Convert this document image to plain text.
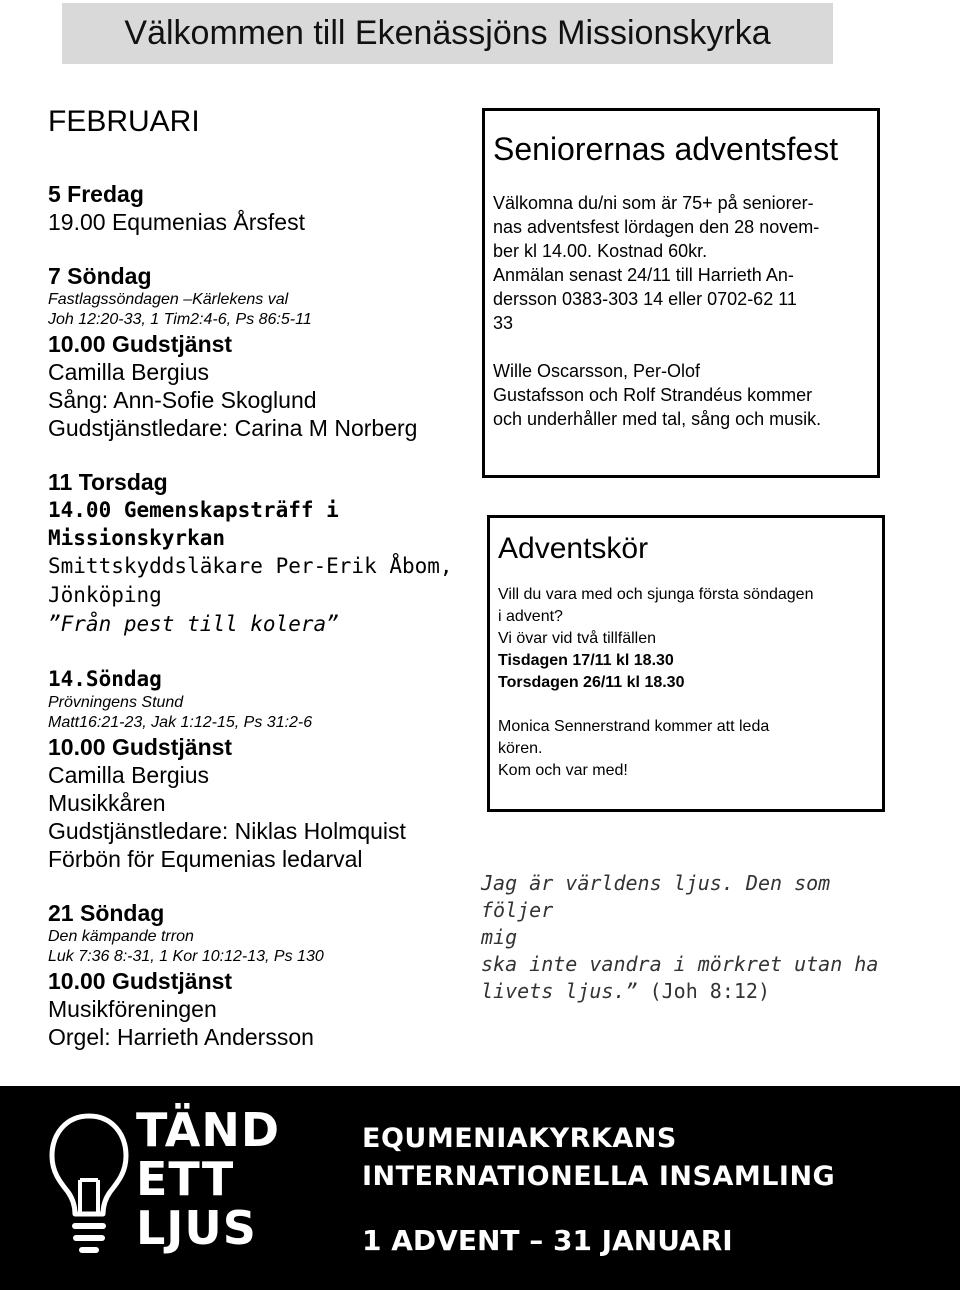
Välkommen till Ekenässjöns Missionskyrka
FEBRUARI
5 Fredag
19.00 Equmenias Årsfest
7 Söndag
Fastlagssöndagen –Kärlekens val
Joh 12:20-33, 1 Tim2:4-6, Ps 86:5-11
10.00 Gudstjänst
Camilla Bergius
Sång: Ann-Sofie Skoglund
Gudstjänstledare: Carina M Norberg
11 Torsdag
14.00 Gemenskapsträff i
Missionskyrkan
Smittskyddsläkare Per-Erik Åbom,
Jönköping
”Från pest till kolera”
14.Söndag
Prövningens Stund
Matt16:21-23, Jak 1:12-15, Ps 31:2-6
10.00 Gudstjänst
Camilla Bergius
Musikkåren
Gudstjänstledare: Niklas Holmquist
Förbön för Equmenias ledarval
21 Söndag
Den kämpande trron
Luk 7:36 8:-31, 1 Kor 10:12-13, Ps 130
10.00 Gudstjänst
Musikföreningen
Orgel: Harrieth Andersson
Seniorernas adventsfest
Välkomna du/ni som är 75+ på seniorer-
nas adventsfest lördagen den 28 novem-
ber kl 14.00. Kostnad 60kr.
Anmälan senast 24/11 till Harrieth An-
dersson 0383-303 14 eller 0702-62 11
33
Wille Oscarsson, Per-Olof
Gustafsson och Rolf Strandéus kommer
och underhåller med tal, sång och musik.
Adventskör
Vill du vara med och sjunga första söndagen
i advent?
Vi övar vid två tillfällen
Tisdagen 17/11 kl 18.30
Torsdagen 26/11 kl 18.30
Monica Sennerstrand kommer att leda
kören.
Kom och var med!
Jag är världens ljus. Den som följer
mig
ska inte vandra i mörkret utan ha
livets ljus.” (Joh 8:12)
TÄND
ETT
LJUS
EQUMENIAKYRKANS
INTERNATIONELLA INSAMLING
1 ADVENT – 31 JANUARI
